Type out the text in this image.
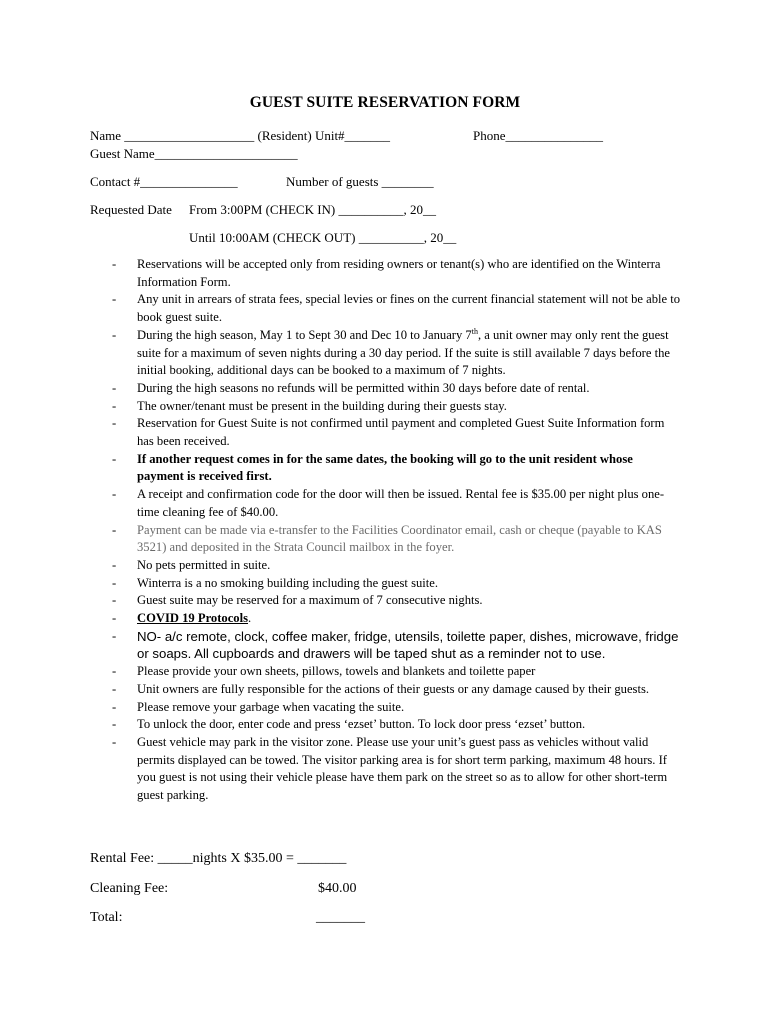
GUEST SUITE RESERVATION FORM
Name ____________________ (Resident) Unit#_______	Phone_______________
Guest Name______________________
Contact #_______________	Number of guests ________
Requested Date From 3:00PM (CHECK IN) __________, 20__
Until 10:00AM (CHECK OUT) __________, 20__
-	Reservations will be accepted only from residing owners or tenant(s) who are identified on the Winterra Information Form.
-	Any unit in arrears of strata fees, special levies or fines on the current financial statement will not be able to book guest suite.
-	During the high season, May 1 to Sept 30 and Dec 10 to January 7th, a unit owner may only rent the guest suite for a maximum of seven nights during a 30 day period. If the suite is still available 7 days before the initial booking, additional days can be booked to a maximum of 7 nights.
-	During the high seasons no refunds will be permitted within 30 days before date of rental.
-	The owner/tenant must be present in the building during their guests stay.
-	Reservation for Guest Suite is not confirmed until payment and completed Guest Suite Information form has been received.
-	If another request comes in for the same dates, the booking will go to the unit resident whose payment is received first.
-	A receipt and confirmation code for the door will then be issued. Rental fee is $35.00 per night plus one-time cleaning fee of $40.00.
-	Payment can be made via e-transfer to the Facilities Coordinator email, cash or cheque (payable to KAS 3521) and deposited in the Strata Council mailbox in the foyer.
-	No pets permitted in suite.
-	Winterra is a no smoking building including the guest suite.
-	Guest suite may be reserved for a maximum of 7 consecutive nights.
-	COVID 19 Protocols.
-	NO- a/c remote, clock, coffee maker, fridge, utensils, toilette paper, dishes, microwave, fridge or soaps. All cupboards and drawers will be taped shut as a reminder not to use.
-	Please provide your own sheets, pillows, towels and blankets and toilette paper
-	Unit owners are fully responsible for the actions of their guests or any damage caused by their guests.
-	Please remove your garbage when vacating the suite.
-	To unlock the door, enter code and press ‘ezset’ button. To lock door press ‘ezset’ button.
-	Guest vehicle may park in the visitor zone. Please use your unit’s guest pass as vehicles without valid permits displayed can be towed. The visitor parking area is for short term parking, maximum 48 hours. If you guest is not using their vehicle please have them park on the street so as to allow for other short-term guest parking.
Rental Fee: _____nights X $35.00 = _______
Cleaning Fee:	$40.00
Total:	_______
